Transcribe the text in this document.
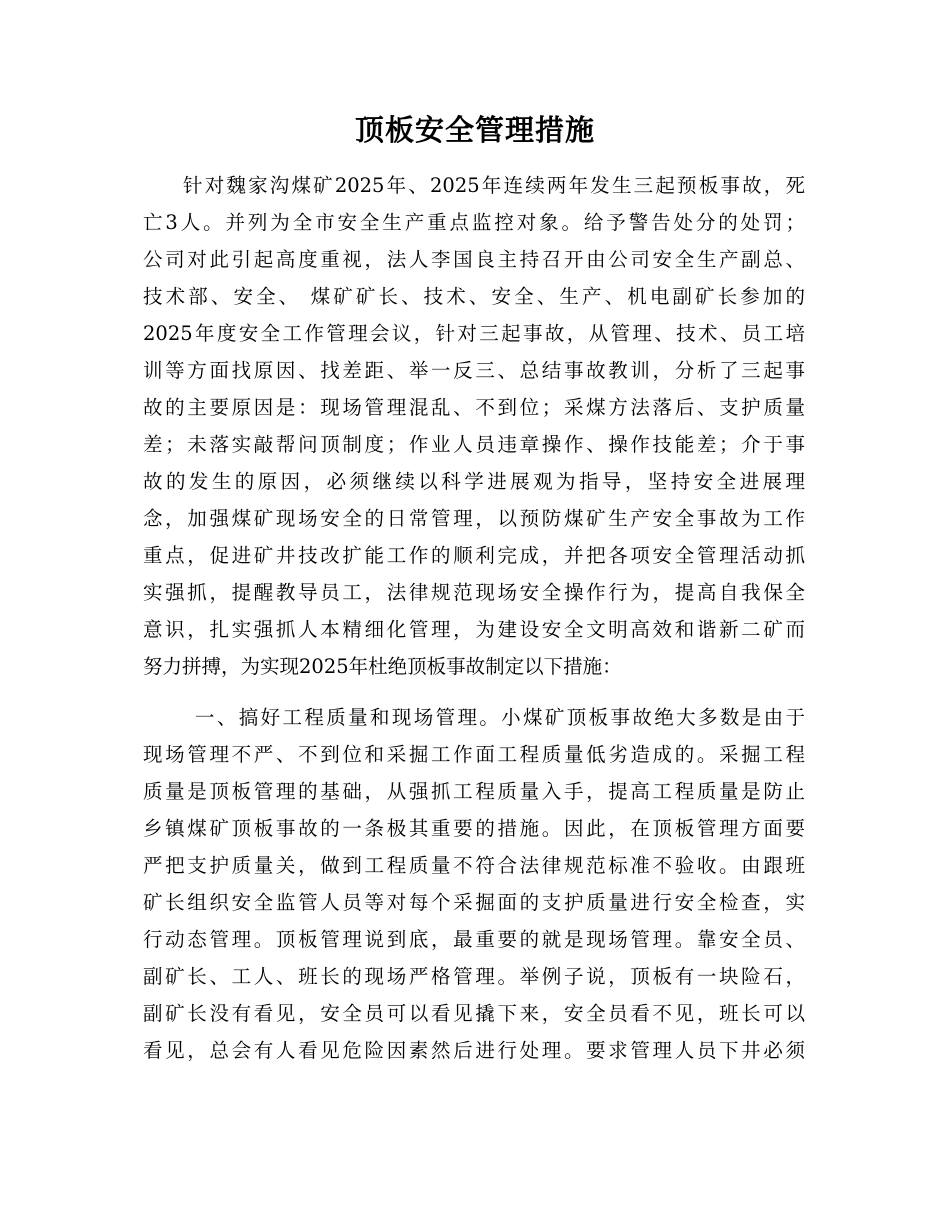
顶板安全管理措施
针对魏家沟煤矿2025年、2025年连续两年发生三起预板事故，死
亡3人。并列为全市安全生产重点监控对象。给予警告处分的处罚；
公司对此引起高度重视，法人李国良主持召开由公司安全生产副总、
技术部、安全、 煤矿矿长、技术、安全、生产、机电副矿长参加的
2025年度安全工作管理会议，针对三起事故，从管理、技术、员工培
训等方面找原因、找差距、举一反三、总结事故教训，分析了三起事
故的主要原因是：现场管理混乱、不到位；采煤方法落后、支护质量
差；未落实敲帮问顶制度；作业人员违章操作、操作技能差；介于事
故的发生的原因，必须继续以科学进展观为指导，坚持安全进展理
念，加强煤矿现场安全的日常管理，以预防煤矿生产安全事故为工作
重点，促进矿井技改扩能工作的顺利完成，并把各项安全管理活动抓
实强抓，提醒教导员工，法律规范现场安全操作行为，提高自我保全
意识，扎实强抓人本精细化管理，为建设安全文明高效和谐新二矿而
努力拼搏，为实现2025年杜绝顶板事故制定以下措施：
一、搞好工程质量和现场管理。小煤矿顶板事故绝大多数是由于
现场管理不严、不到位和采掘工作面工程质量低劣造成的。采掘工程
质量是顶板管理的基础，从强抓工程质量入手，提高工程质量是防止
乡镇煤矿顶板事故的一条极其重要的措施。因此，在顶板管理方面要
严把支护质量关，做到工程质量不符合法律规范标准不验收。由跟班
矿长组织安全监管人员等对每个采掘面的支护质量进行安全检查，实
行动态管理。顶板管理说到底，最重要的就是现场管理。靠安全员、
副矿长、工人、班长的现场严格管理。举例子说，顶板有一块险石，
副矿长没有看见，安全员可以看见撬下来，安全员看不见，班长可以
看见，总会有人看见危险因素然后进行处理。要求管理人员下井必须
